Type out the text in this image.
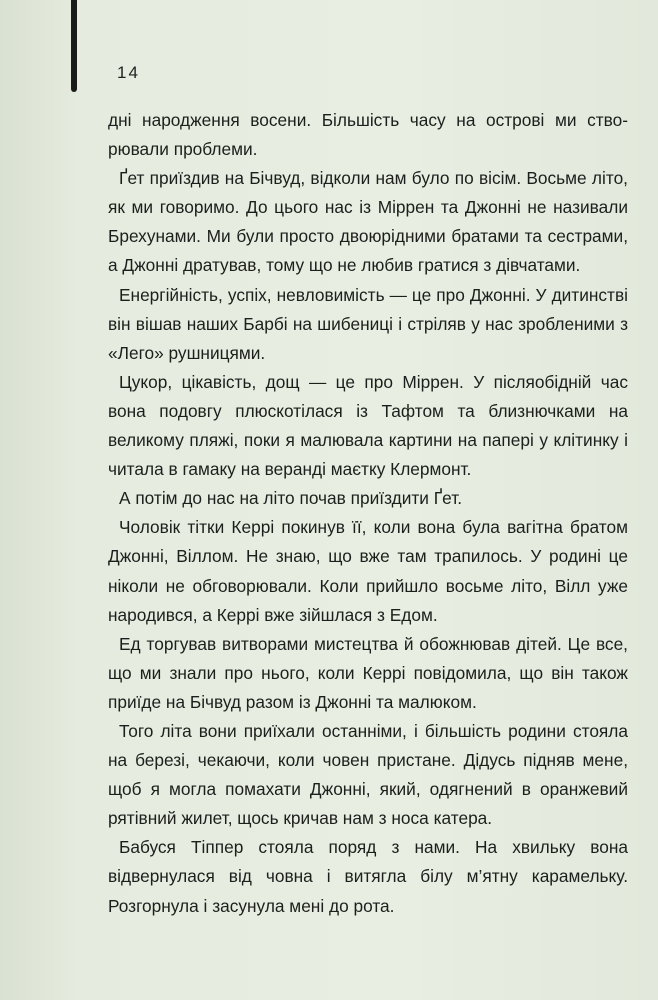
14

дні народження восени. Більшість часу на острові ми створювали проблеми.

Ґет приїздив на Бічвуд, відколи нам було по вісім. Восьме літо, як ми говоримо. До цього нас із Міррен та Джонні не називали Брехунами. Ми були просто двоюрідними братами та сестрами, а Джонні дратував, тому що не любив гратися з дівчатами.

Енергійність, успіх, невловимість — це про Джонні. У дитинстві він вішав наших Барбі на шибениці і стріляв у нас зробленими з «Лего» рушницями.

Цукор, цікавість, дощ — це про Міррен. У післяобідній час вона подовгу плюскотілася із Тафтом та близнючками на великому пляжі, поки я малювала картини на папері у клітинку і читала в гамаку на веранді маєтку Клермонт.

А потім до нас на літо почав приїздити Ґет.

Чоловік тітки Керрі покинув її, коли вона була вагітна братом Джонні, Віллом. Не знаю, що вже там трапилось. У родині це ніколи не обговорювали. Коли прийшло восьме літо, Вілл уже народився, а Керрі вже зійшлася з Едом.

Ед торгував витворами мистецтва й обожнював дітей. Це все, що ми знали про нього, коли Керрі повідомила, що він також приїде на Бічвуд разом із Джонні та малюком.

Того літа вони приїхали останніми, і більшість родини стояла на березі, чекаючи, коли човен пристане. Дідусь підняв мене, щоб я могла помахати Джонні, який, одягнений в оранжевий рятівний жилет, щось кричав нам з носа катера.

Бабуся Тіппер стояла поряд з нами. На хвильку вона відвернулася від човна і витягла білу м’ятну карамельку. Розгорнула і засунула мені до рота.
